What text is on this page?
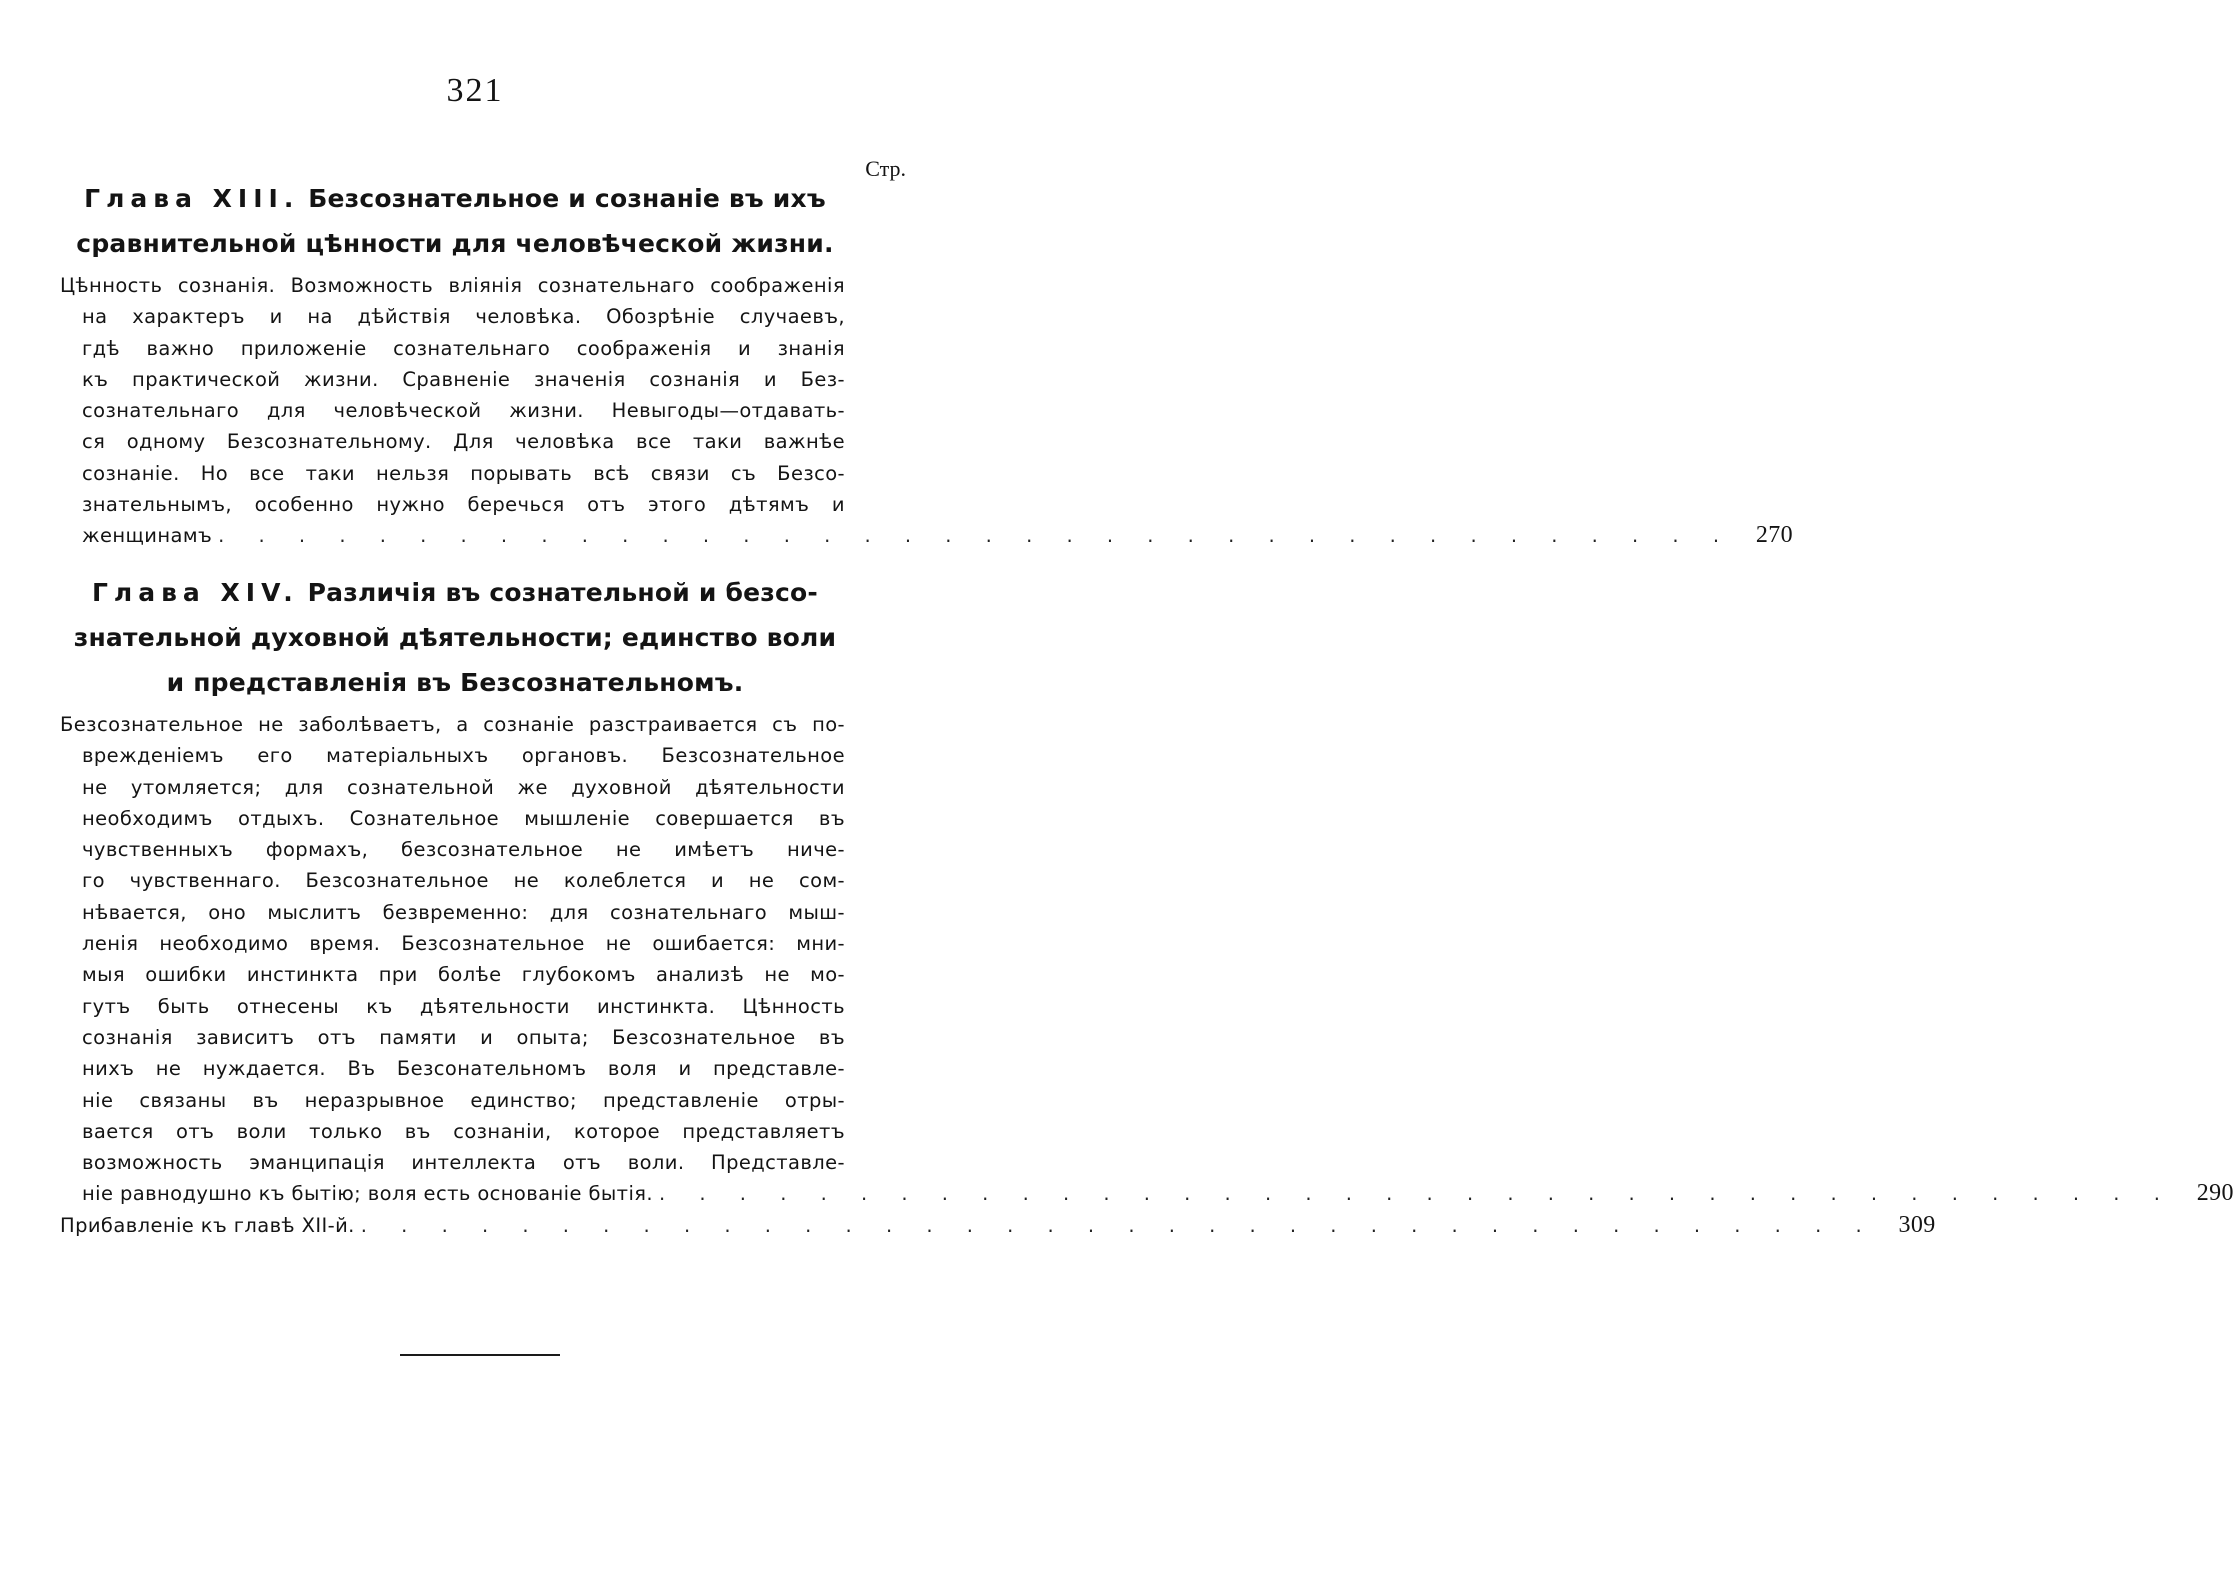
321
Стр.
Глава XIII. Безсознательное и сознаніе въ ихъ
сравнительной цѣнности для человѣческой жизни.
Цѣнность сознанія. Возможность вліянія сознательнаго соображенія
на характеръ и на дѣйствія человѣка. Обозрѣніе случаевъ,
гдѣ важно приложеніе сознательнаго соображенія и знанія
къ практической жизни. Сравненіе значенія сознанія и Без-
сознательнаго для человѣческой жизни. Невыгоды—отдавать-
ся одному Безсознательному. Для человѣка все таки важнѣе
сознаніе. Но все таки нельзя порывать всѣ связи съ Безсо-
знательнымъ, особенно нужно беречься отъ этого дѣтямъ и
женщинамъ . . . . . . . . . . . . . . . . . . . . . . . . . . . . . . . . . . . . . . 270
Глава XIV. Различія въ сознательной и безсо-
знательной духовной дѣятельности; единство воли
и представленія въ Безсознательномъ.
Безсознательное не заболѣваетъ, а сознаніе разстраивается съ по-
врежденіемъ его матеріальныхъ органовъ. Безсознательное
не утомляется; для сознательной же духовной дѣятельности
необходимъ отдыхъ. Сознательное мышленіе совершается въ
чувственныхъ формахъ, безсознательное не имѣетъ ниче-
го чувственнаго. Безсознательное не колеблется и не сом-
нѣвается, оно мыслитъ безвременно: для сознательнаго мыш-
ленія необходимо время. Безсознательное не ошибается: мни-
мыя ошибки инстинкта при болѣе глубокомъ анализѣ не мо-
гутъ быть отнесены къ дѣятельности инстинкта. Цѣнность
сознанія зависитъ отъ памяти и опыта; Безсознательное въ
нихъ не нуждается. Въ Безсонательномъ воля и представле-
ніе связаны въ неразрывное единство; представленіе отры-
вается отъ воли только въ сознаніи, которое представляетъ
возможность эманципація интеллекта отъ воли. Представле-
ніе равнодушно къ бытію; воля есть основаніе бытія. . . . . . . . . . . . . . . . . . . . . . . . . . . . . . . . . . . . . . . 290
Прибавленіе къ главѣ XII-й. . . . . . . . . . . . . . . . . . . . . . . . . . . . . . . . . . . . . . . 309
